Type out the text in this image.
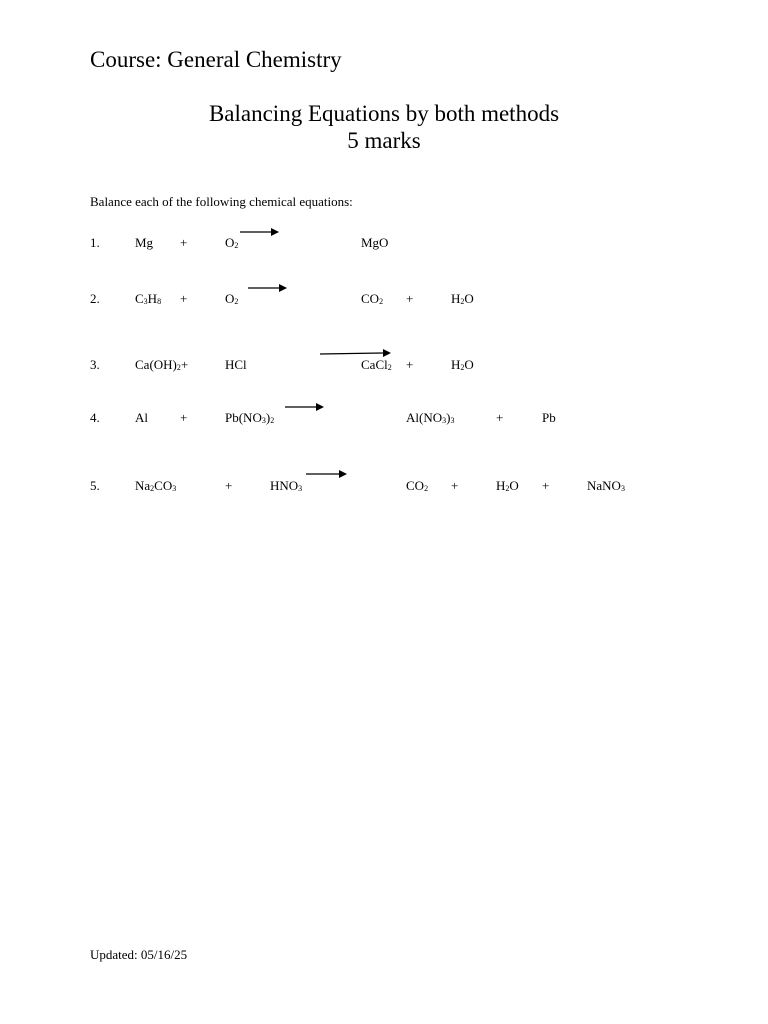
Course: General Chemistry
Balancing Equations by both methods
5 marks
Balance each of the following chemical equations:
1.	Mg +	$O_2$	MgO
2.	$C_3H_8$ +	$O_2$	$CO_2$ +	$H_2O$
3.	$Ca(OH)_2+$	HCl	CaCl$_2$ +	$H_2O$
4.	Al +	$Pb(NO_3)_2$	$Al(NO_3)_3$	+	Pb
5.	$Na_2CO_3$	+	$HNO_3$	$CO_2$ +	$H_2O$ +	NaNO$_3$
Updated: 05/16/25
